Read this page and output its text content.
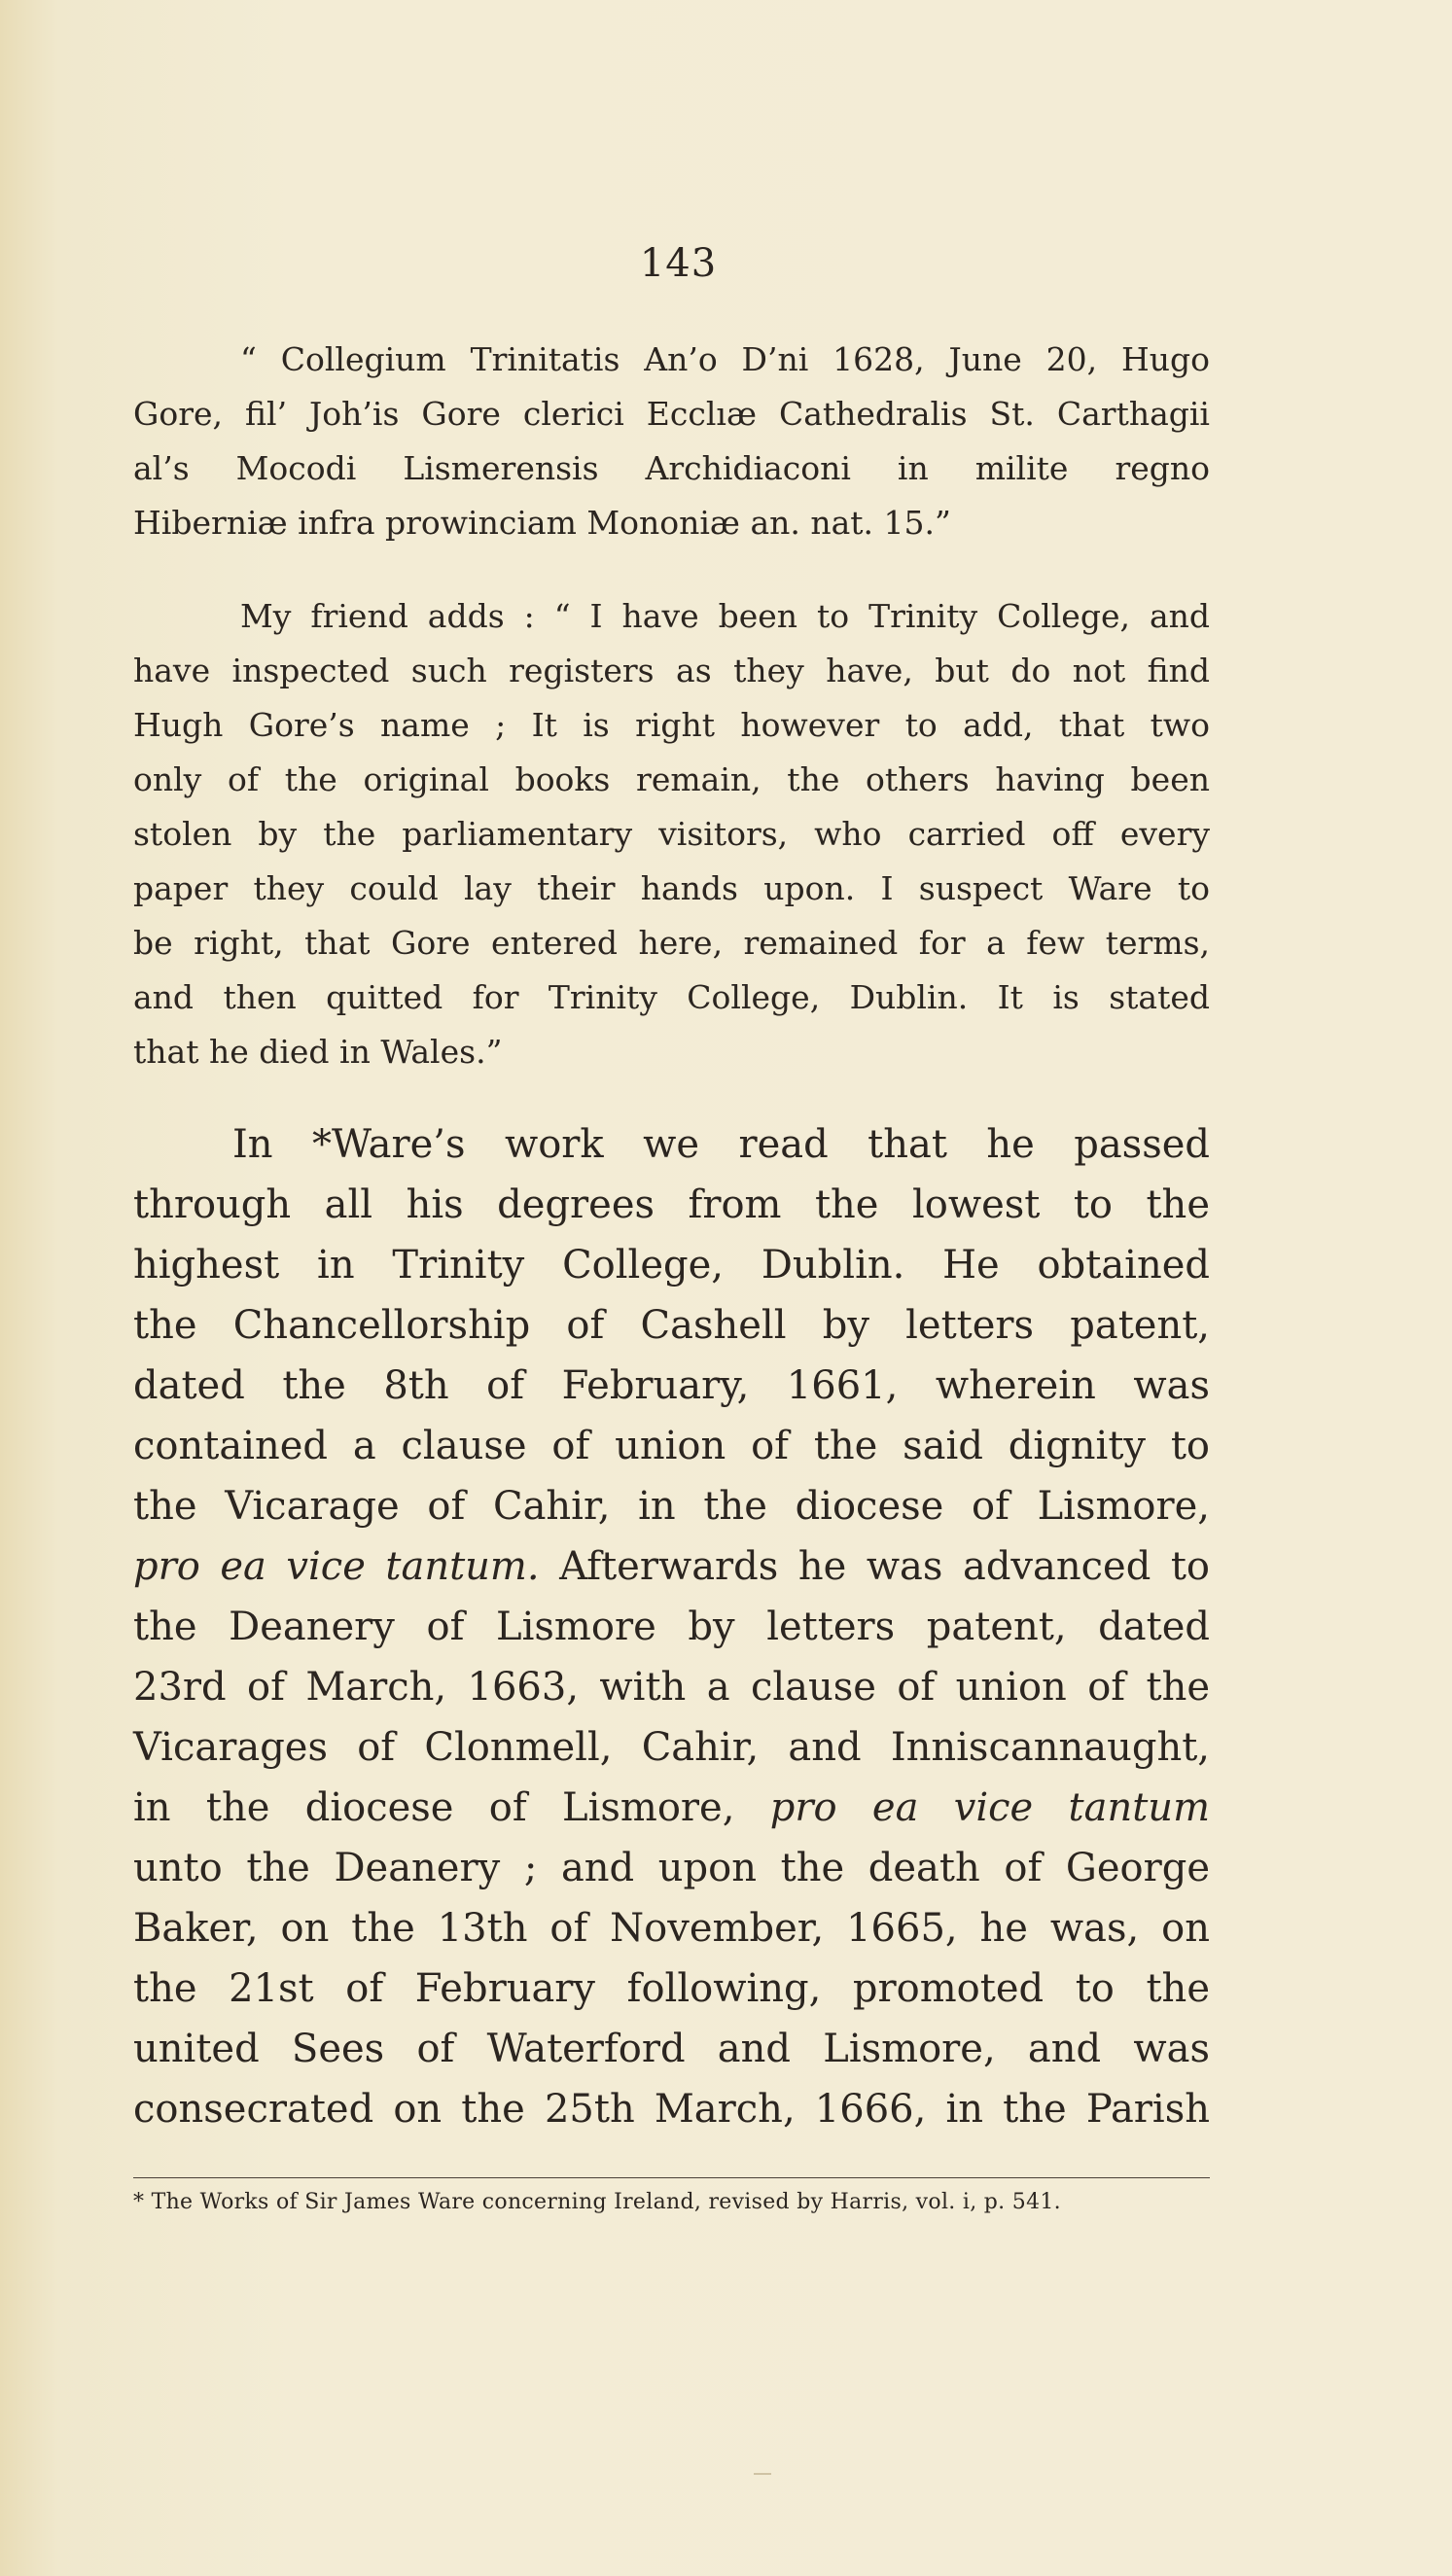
143
“ Collegium Trinitatis An’o D’ni 1628, June 20, Hugo
Gore, fil’ Joh’is Gore clerici Ecclıæ Cathedralis St. Carthagii
al’s Mocodi Lismerensis Archidiaconi in milite regno
Hiberniæ infra prowinciam Mononiæ an. nat. 15.”
My friend adds : “ I have been to Trinity College, and
have inspected such registers as they have, but do not find
Hugh Gore’s name ; It is right however to add, that two
only of the original books remain, the others having been
stolen by the parliamentary visitors, who carried off every
paper they could lay their hands upon. I suspect Ware to
be right, that Gore entered here, remained for a few terms,
and then quitted for Trinity College, Dublin. It is stated
that he died in Wales.”
In *Ware’s work we read that he passed
through all his degrees from the lowest to the
highest in Trinity College, Dublin. He obtained
the Chancellorship of Cashell by letters patent,
dated the 8th of February, 1661, wherein was
contained a clause of union of the said dignity to
the Vicarage of Cahir, in the diocese of Lismore,
pro ea vice tantum. Afterwards he was advanced to
the Deanery of Lismore by letters patent, dated
23rd of March, 1663, with a clause of union of the
Vicarages of Clonmell, Cahir, and Inniscannaught,
in the diocese of Lismore, pro ea vice tantum
unto the Deanery ; and upon the death of George
Baker, on the 13th of November, 1665, he was, on
the 21st of February following, promoted to the
united Sees of Waterford and Lismore, and was
consecrated on the 25th March, 1666, in the Parish
* The Works of Sir James Ware concerning Ireland, revised by Harris, vol. i, p. 541.
